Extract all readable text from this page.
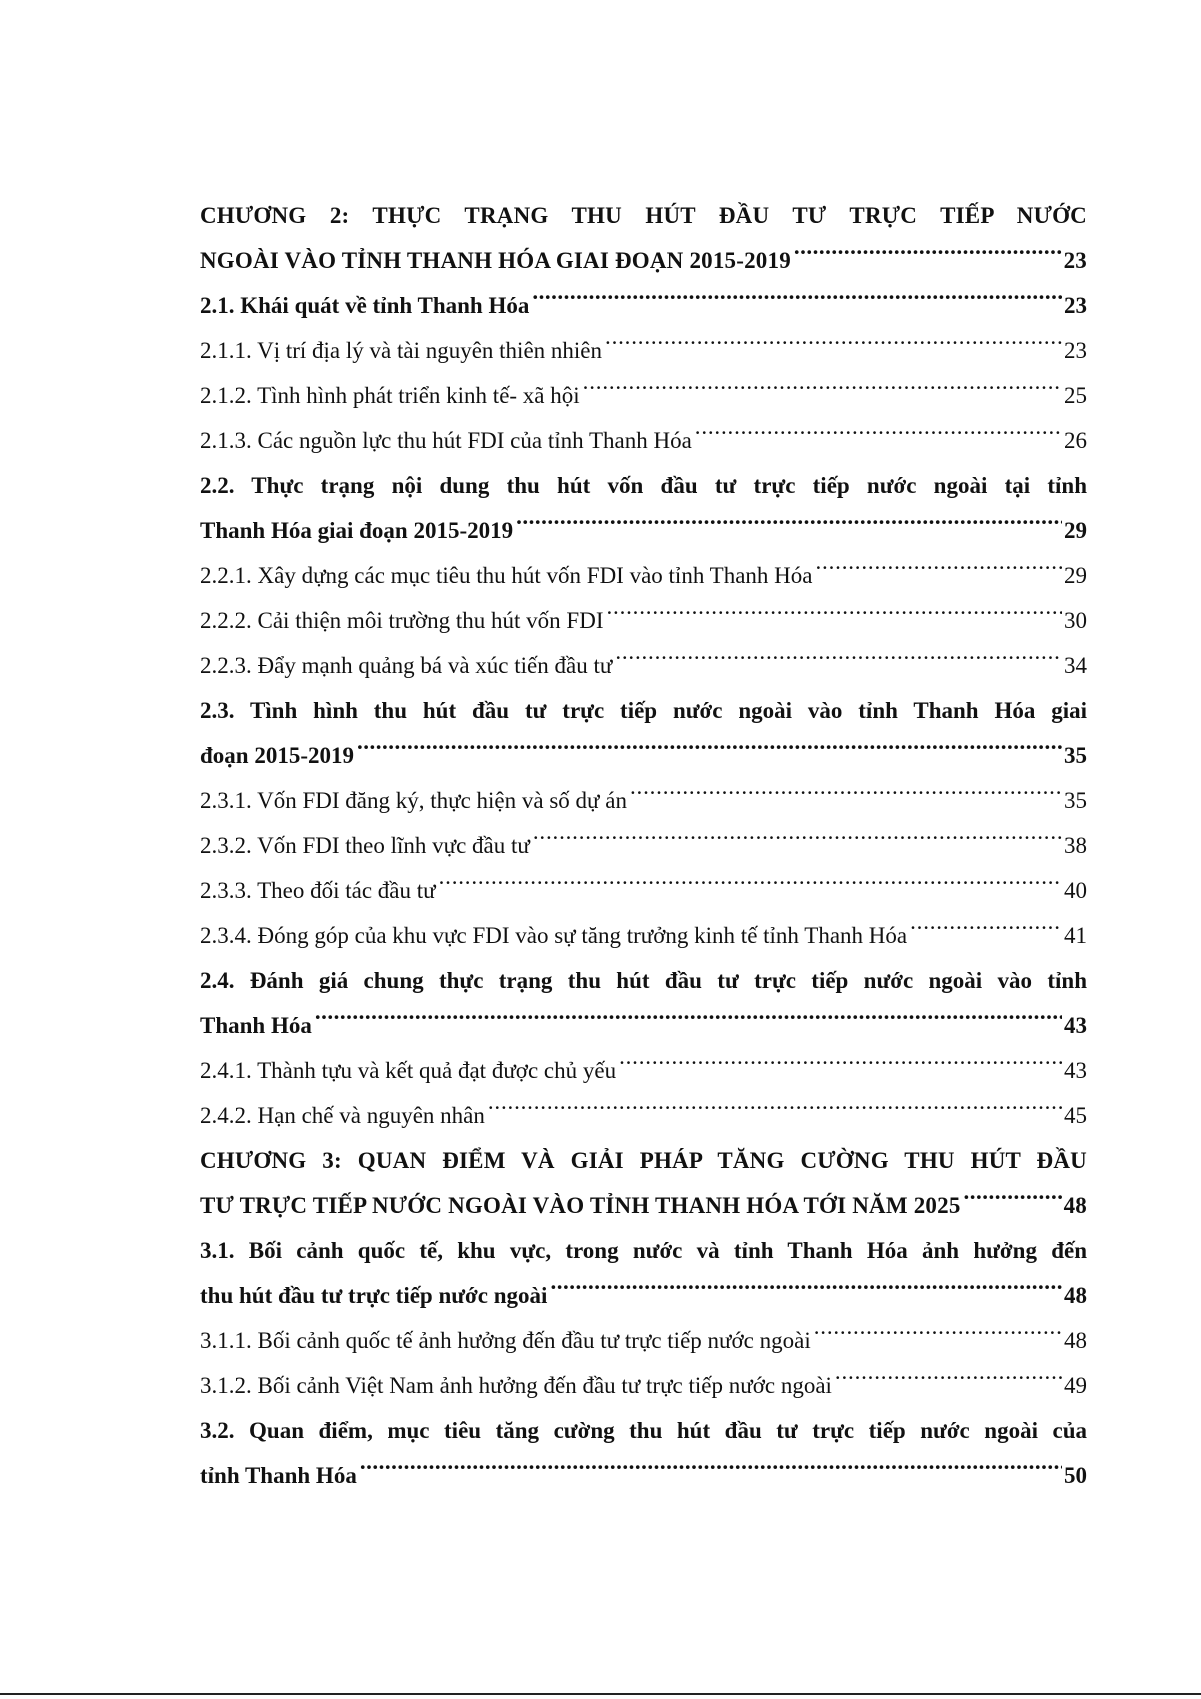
CHƯƠNG 2: THỰC TRẠNG THU HÚT ĐẦU TƯ TRỰC TIẾP NƯỚC
NGOÀI VÀO TỈNH THANH HÓA GIAI ĐOẠN 2015-2019 .....	23
2.1. Khái quát về tỉnh Thanh Hóa .....	23
2.1.1. Vị trí địa lý và tài nguyên thiên nhiên .....	23
2.1.2. Tình hình phát triển kinh tế- xã hội .....	25
2.1.3. Các nguồn lực thu hút FDI của tỉnh Thanh Hóa .....	26
2.2. Thực trạng nội dung thu hút vốn đầu tư trực tiếp nước ngoài tại tỉnh
Thanh Hóa giai đoạn 2015-2019 .....	29
2.2.1. Xây dựng các mục tiêu thu hút vốn FDI vào tỉnh Thanh Hóa .....	29
2.2.2. Cải thiện môi trường thu hút vốn FDI .....	30
2.2.3. Đẩy mạnh quảng bá và xúc tiến đầu tư .....	34
2.3. Tình hình thu hút đầu tư trực tiếp nước ngoài vào tỉnh Thanh Hóa giai
đoạn 2015-2019 .....	35
2.3.1. Vốn FDI đăng ký, thực hiện và số dự án .....	35
2.3.2. Vốn FDI theo lĩnh vực đầu tư .....	38
2.3.3. Theo đối tác đầu tư .....	40
2.3.4. Đóng góp của khu vực FDI vào sự tăng trưởng kinh tế tỉnh Thanh Hóa .....	41
2.4. Đánh giá chung thực trạng thu hút đầu tư trực tiếp nước ngoài vào tỉnh
Thanh Hóa .....	43
2.4.1. Thành tựu và kết quả đạt được chủ yếu .....	43
2.4.2. Hạn chế và nguyên nhân .....	45
CHƯƠNG 3: QUAN ĐIỂM VÀ GIẢI PHÁP TĂNG CƯỜNG THU HÚT ĐẦU
TƯ TRỰC TIẾP NƯỚC NGOÀI VÀO TỈNH THANH HÓA TỚI NĂM 2025 .....	48
3.1. Bối cảnh quốc tế, khu vực, trong nước và tỉnh Thanh Hóa ảnh hưởng đến
thu hút đầu tư trực tiếp nước ngoài .....	48
3.1.1. Bối cảnh quốc tế ảnh hưởng đến đầu tư trực tiếp nước ngoài .....	48
3.1.2. Bối cảnh Việt Nam ảnh hưởng đến đầu tư trực tiếp nước ngoài .....	49
3.2. Quan điểm, mục tiêu tăng cường thu hút đầu tư trực tiếp nước ngoài của
tỉnh Thanh Hóa .....	50
